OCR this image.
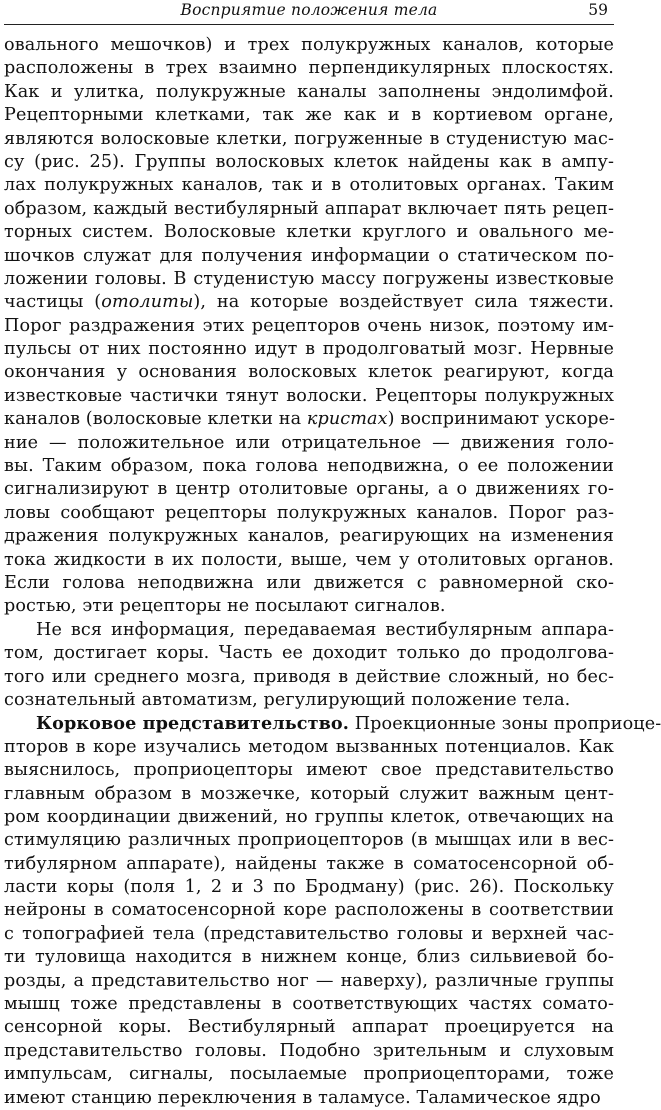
Восприятие положения тела	59
овального мешочков) и трех полукружных каналов, которые
расположены в трех взаимно перпендикулярных плоскостях.
Как и улитка, полукружные каналы заполнены эндолимфой.
Рецепторными клетками, так же как и в кортиевом органе,
являются волосковые клетки, погруженные в студенистую мас-
су (рис. 25). Группы волосковых клеток найдены как в ампу-
лах полукружных каналов, так и в отолитовых органах. Таким
образом, каждый вестибулярный аппарат включает пять рецеп-
торных систем. Волосковые клетки круглого и овального ме-
шочков служат для получения информации о статическом по-
ложении головы. В студенистую массу погружены известковые
частицы (отолиты), на которые воздействует сила тяжести.
Порог раздражения этих рецепторов очень низок, поэтому им-
пульсы от них постоянно идут в продолговатый мозг. Нервные
окончания у основания волосковых клеток реагируют, когда
известковые частички тянут волоски. Рецепторы полукружных
каналов (волосковые клетки на кристах) воспринимают ускоре-
ние — положительное или отрицательное — движения голо-
вы. Таким образом, пока голова неподвижна, о ее положении
сигнализируют в центр отолитовые органы, а о движениях го-
ловы сообщают рецепторы полукружных каналов. Порог раз-
дражения полукружных каналов, реагирующих на изменения
тока жидкости в их полости, выше, чем у отолитовых органов.
Если голова неподвижна или движется с равномерной ско-
ростью, эти рецепторы не посылают сигналов.
Не вся информация, передаваемая вестибулярным аппара-
том, достигает коры. Часть ее доходит только до продолговa-
того или среднего мозга, приводя в действие сложный, но бес-
сознательный автоматизм, регулирующий положение тела.
Корковое представительство. Проекционные зоны проприоце-
пторов в коре изучались методом вызванных потенциалов. Как
выяснилось, проприоцепторы имеют свое представительство
главным образом в мозжечке, который служит важным цент-
ром координации движений, но группы клеток, отвечающих на
стимуляцию различных проприоцепторов (в мышцах или в вес-
тибулярном аппарате), найдены также в соматосенсорной об-
ласти коры (поля 1, 2 и 3 по Бродману) (рис. 26). Поскольку
нейроны в соматосенсорной коре расположены в соответствии
с топографией тела (представительство головы и верхней час-
ти туловища находится в нижнем конце, близ сильвиевой бо-
розды, а представительство ног — наверху), различные группы
мышц тоже представлены в соответствующих частях сомато-
сенсорной коры. Вестибулярный аппарат проецируется на
представительство головы. Подобно зрительным и слуховым
импульсам, сигналы, посылаемые проприоцепторами, тоже
имеют станцию переключения в таламусе. Таламическое ядро
